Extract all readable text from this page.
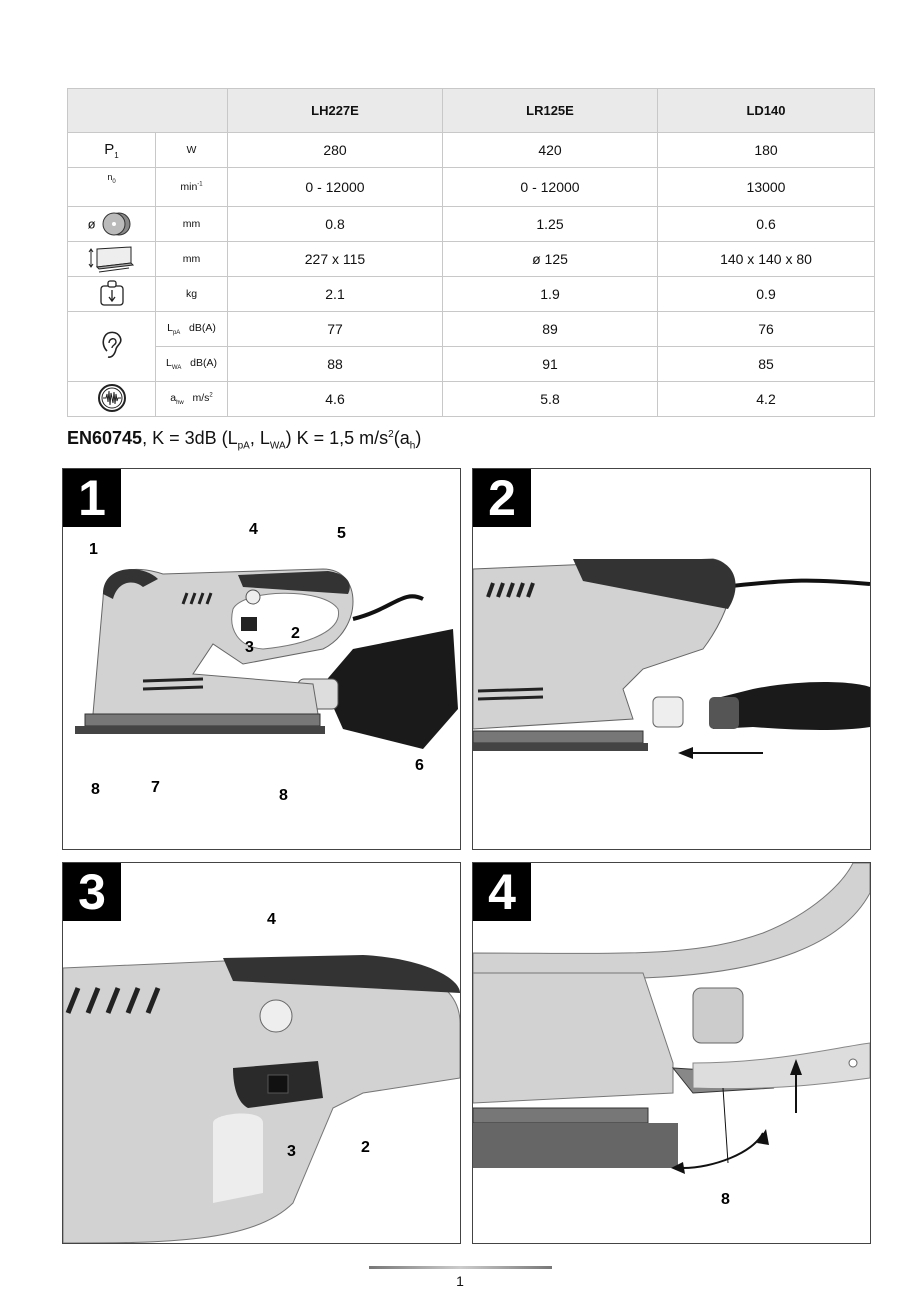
		LH227E	LR125E	LD140
$P_1$	W	280	420	180
$n_0$	$\min^{-1}$	0 - 12000	0 - 12000	13000
ø	mm	0.8	1.25	0.6
	mm	227 x 115	ø 125	140 x 140 x 80
	kg	2.1	1.9	0.9
	$L_{pA}$ dB(A)	77	89	76
	$L_{WA}$ dB(A)	88	91	85
	$a_{hw}$ $m/s^2$	4.6	5.8	4.2
EN60745, K = 3dB ($L_{pA}$, $L_{WA}$) K = 1,5 $m/s^2(a_h)$
1
1
4	5
2
3
6
8	7	8
2
3	4
3	2
4
8
1
